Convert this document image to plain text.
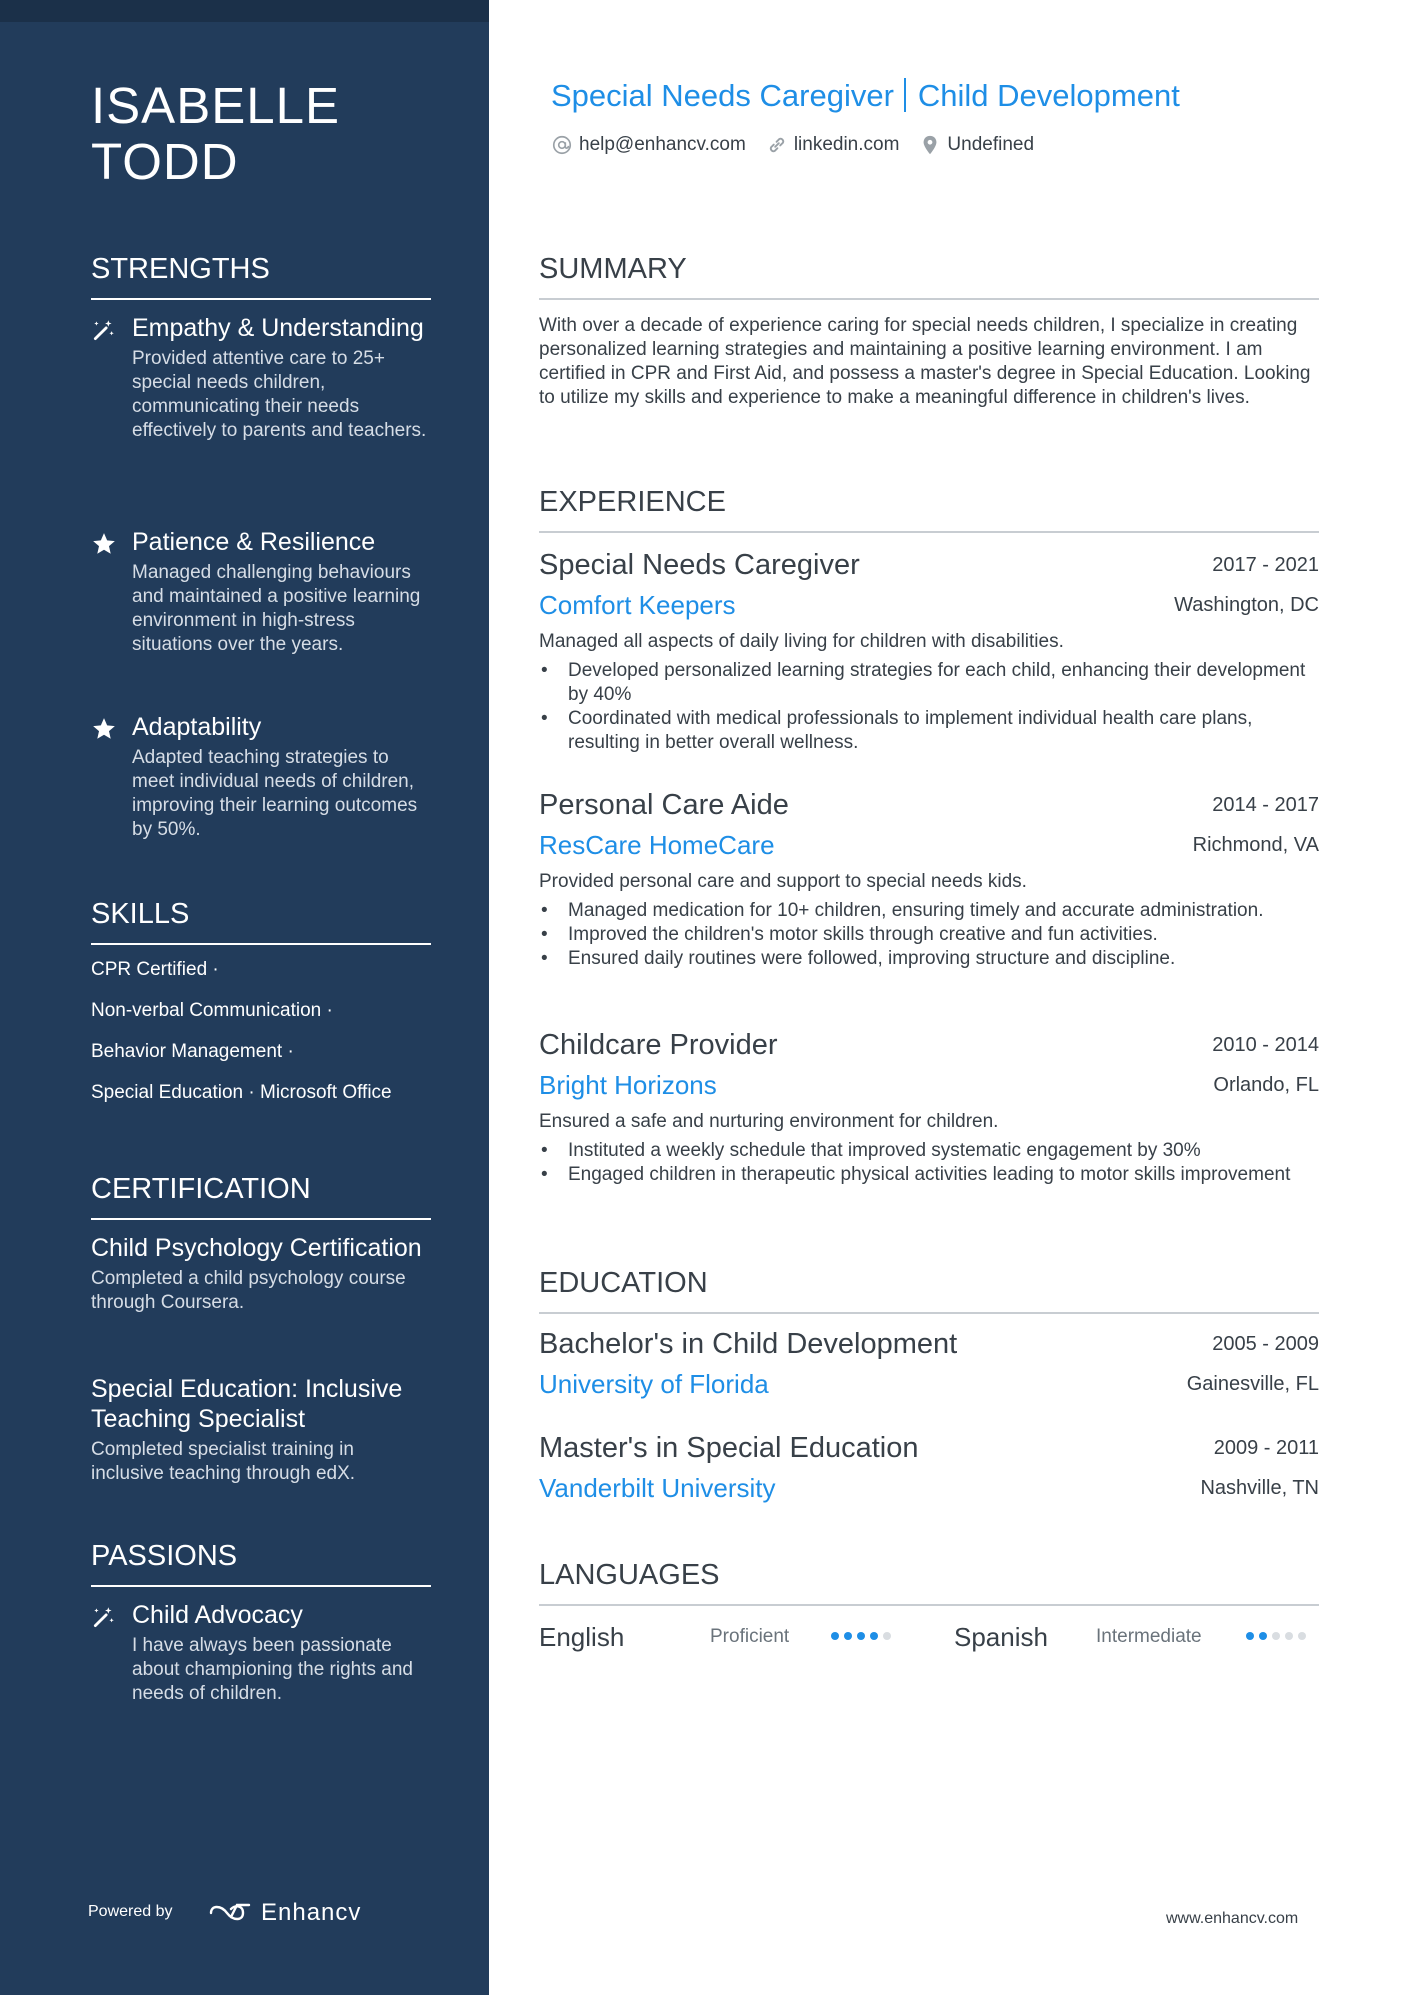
ISABELLE
TODD
STRENGTHS
Empathy & Understanding
Provided attentive care to 25+ special needs children, communicating their needs effectively to parents and teachers.
Patience & Resilience
Managed challenging behaviours and maintained a positive learning environment in high-stress situations over the years.
Adaptability
Adapted teaching strategies to meet individual needs of children, improving their learning outcomes by 50%.
SKILLS
CPR Certified ·
Non-verbal Communication ·
Behavior Management ·
Special Education · Microsoft Office
CERTIFICATION
Child Psychology Certification
Completed a child psychology course through Coursera.
Special Education: Inclusive Teaching Specialist
Completed specialist training in inclusive teaching through edX.
PASSIONS
Child Advocacy
I have always been passionate about championing the rights and needs of children.
Powered by	Enhancv
Special Needs Caregiver Child Development
help@enhancv.com	linkedin.com	Undefined
SUMMARY
With over a decade of experience caring for special needs children, I specialize in creating personalized learning strategies and maintaining a positive learning environment. I am certified in CPR and First Aid, and possess a master's degree in Special Education. Looking to utilize my skills and experience to make a meaningful difference in children's lives.
EXPERIENCE
Special Needs Caregiver	2017 - 2021
Comfort Keepers	Washington, DC
Managed all aspects of daily living for children with disabilities.
• Developed personalized learning strategies for each child, enhancing their development by 40%
• Coordinated with medical professionals to implement individual health care plans, resulting in better overall wellness.
Personal Care Aide	2014 - 2017
ResCare HomeCare	Richmond, VA
Provided personal care and support to special needs kids.
• Managed medication for 10+ children, ensuring timely and accurate administration.
• Improved the children's motor skills through creative and fun activities.
• Ensured daily routines were followed, improving structure and discipline.
Childcare Provider	2010 - 2014
Bright Horizons	Orlando, FL
Ensured a safe and nurturing environment for children.
• Instituted a weekly schedule that improved systematic engagement by 30%
• Engaged children in therapeutic physical activities leading to motor skills improvement
EDUCATION
Bachelor's in Child Development	2005 - 2009
University of Florida	Gainesville, FL
Master's in Special Education	2009 - 2011
Vanderbilt University	Nashville, TN
LANGUAGES
English	Proficient	Spanish	Intermediate
www.enhancv.com
